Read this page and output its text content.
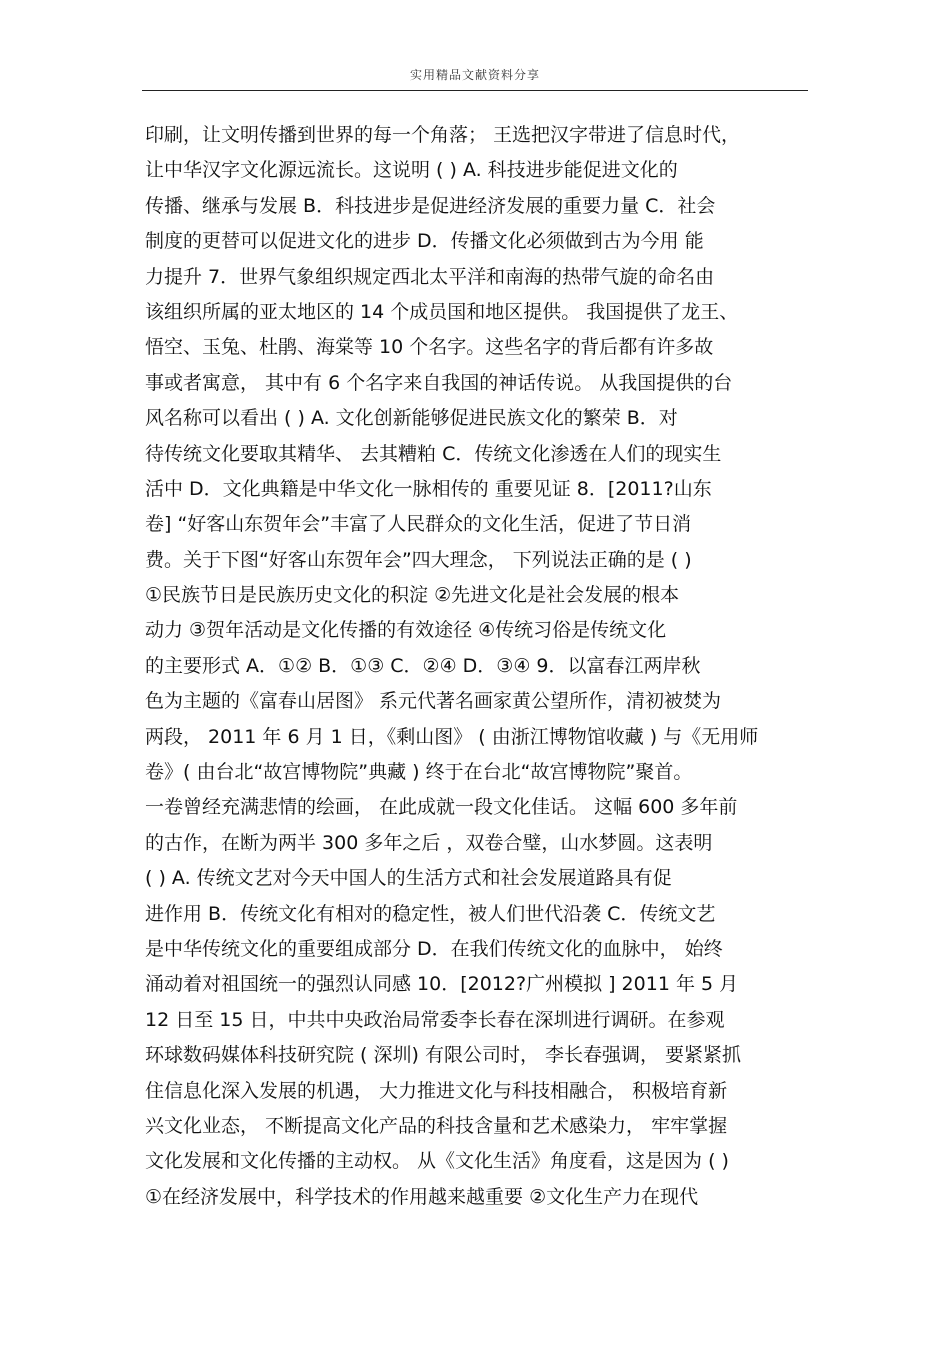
实用精品文献资料分享
印刷，让文明传播到世界的每一个角落； 王选把汉字带进了信息时代，
让中华汉字文化源远流长。这说明 ( ) A. 科技进步能促进文化的
传播、继承与发展 B．科技进步是促进经济发展的重要力量 C．社会
制度的更替可以促进文化的进步 D．传播文化必须做到古为今用 能
力提升 7．世界气象组织规定西北太平洋和南海的热带气旋的命名由
该组织所属的亚太地区的 14 个成员国和地区提供。 我国提供了龙王、
悟空、玉兔、杜鹃、海棠等 10 个名字。这些名字的背后都有许多故
事或者寓意， 其中有 6 个名字来自我国的神话传说。 从我国提供的台
风名称可以看出 ( ) A. 文化创新能够促进民族文化的繁荣 B．对
待传统文化要取其精华、 去其糟粕 C．传统文化渗透在人们的现实生
活中 D．文化典籍是中华文化一脉相传的 重要见证 8．[2011?山东
卷] “好客山东贺年会”丰富了人民群众的文化生活，促进了节日消
费。关于下图“好客山东贺年会”四大理念， 下列说法正确的是 ( )
①民族节日是民族历史文化的积淀 ②先进文化是社会发展的根本
动力 ③贺年活动是文化传播的有效途径 ④传统习俗是传统文化
的主要形式 A．①② B．①③ C．②④ D．③④ 9．以富春江两岸秋
色为主题的《富春山居图》 系元代著名画家黄公望所作，清初被焚为
两段， 2011 年 6 月 1 日，《剩山图》 ( 由浙江博物馆收藏 ) 与《无用师
卷》( 由台北“故宫博物院”典藏 ) 终于在台北“故宫博物院”聚首。
一卷曾经充满悲情的绘画， 在此成就一段文化佳话。 这幅 600 多年前
的古作，在断为两半 300 多年之后 ，双卷合璧，山水梦圆。这表明
( ) A. 传统文艺对今天中国人的生活方式和社会发展道路具有促
进作用 B．传统文化有相对的稳定性，被人们世代沿袭 C．传统文艺
是中华传统文化的重要组成部分 D．在我们传统文化的血脉中， 始终
涌动着对祖国统一的强烈认同感 10．[2012?广州模拟 ] 2011 年 5 月
12 日至 15 日，中共中央政治局常委李长春在深圳进行调研。在参观
环球数码媒体科技研究院 ( 深圳) 有限公司时， 李长春强调， 要紧紧抓
住信息化深入发展的机遇， 大力推进文化与科技相融合， 积极培育新
兴文化业态， 不断提高文化产品的科技含量和艺术感染力， 牢牢掌握
文化发展和文化传播的主动权。 从《文化生活》角度看，这是因为 ( )
①在经济发展中，科学技术的作用越来越重要 ②文化生产力在现代
